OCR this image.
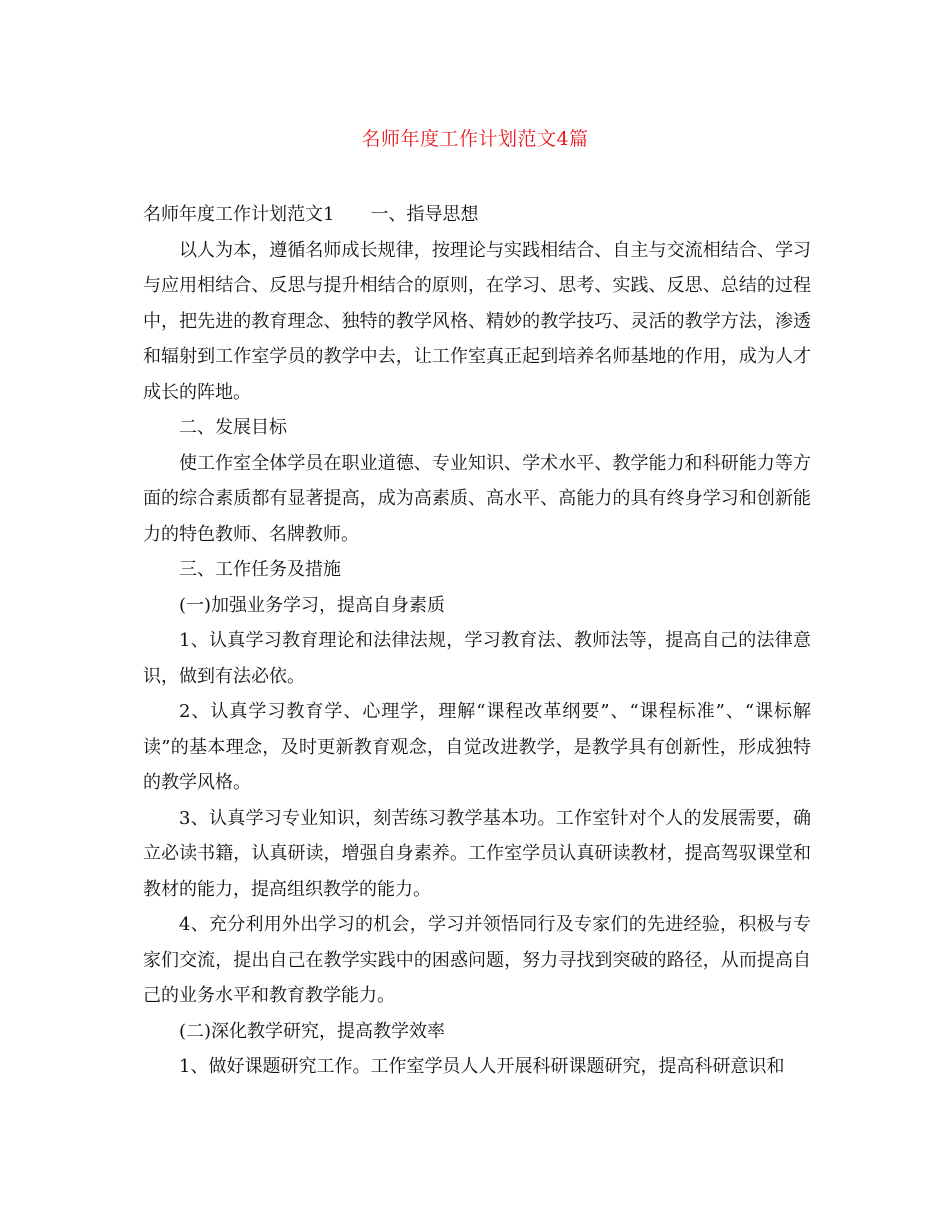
名师年度工作计划范文4篇

名师年度工作计划范文1 一、指导思想

以人为本，遵循名师成长规律，按理论与实践相结合、自主与交流相结合、学习与应用相结合、反思与提升相结合的原则，在学习、思考、实践、反思、总结的过程中，把先进的教育理念、独特的教学风格、精妙的教学技巧、灵活的教学方法，渗透和辐射到工作室学员的教学中去，让工作室真正起到培养名师基地的作用，成为人才成长的阵地。

二、发展目标

使工作室全体学员在职业道德、专业知识、学术水平、教学能力和科研能力等方面的综合素质都有显著提高，成为高素质、高水平、高能力的具有终身学习和创新能力的特色教师、名牌教师。

三、工作任务及措施

(一)加强业务学习，提高自身素质

1、认真学习教育理论和法律法规，学习教育法、教师法等，提高自己的法律意识，做到有法必依。

2、认真学习教育学、心理学，理解“课程改革纲要”、“课程标准”、“课标解读”的基本理念，及时更新教育观念，自觉改进教学，是教学具有创新性，形成独特的教学风格。

3、认真学习专业知识，刻苦练习教学基本功。工作室针对个人的发展需要，确立必读书籍，认真研读，增强自身素养。工作室学员认真研读教材，提高驾驭课堂和教材的能力，提高组织教学的能力。

4、充分利用外出学习的机会，学习并领悟同行及专家们的先进经验，积极与专家们交流，提出自己在教学实践中的困惑问题，努力寻找到突破的路径，从而提高自己的业务水平和教育教学能力。

(二)深化教学研究，提高教学效率

1、做好课题研究工作。工作室学员人人开展科研课题研究，提高科研意识和
